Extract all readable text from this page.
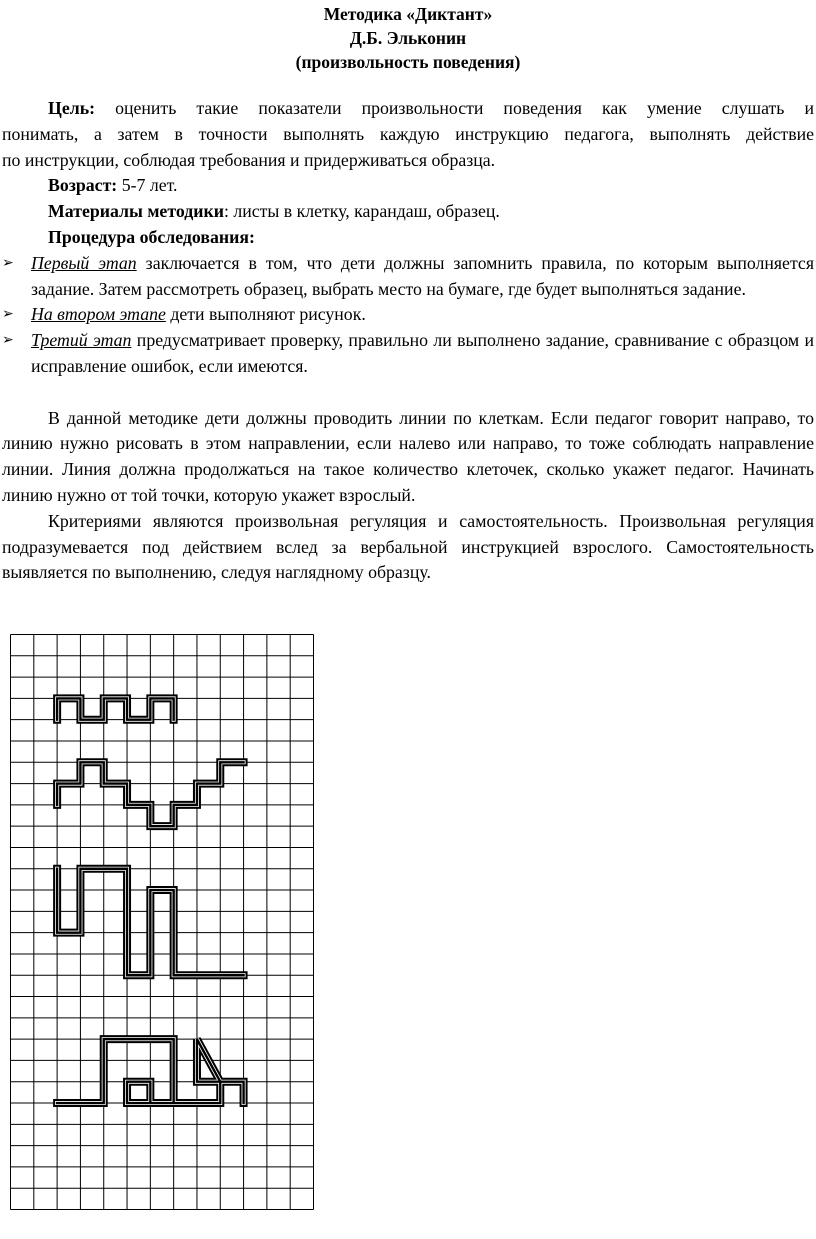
Методика «Диктант»
Д.Б. Эльконин
(произвольность поведения)

Цель: оценить такие показатели произвольности поведения как умение слушать и

понимать, а затем в точности выполнять каждую инструкцию педагога, выполнять действие

по инструкции, соблюдая требования и придерживаться образца.

Возраст: 5-7 лет.

Материалы методики: листы в клетку, карандаш, образец.

Процедура обследования:

➢ Первый этап заключается в том, что дети должны запомнить правила, по которым выполняется задание. Затем рассмотреть образец, выбрать место на бумаге, где будет выполняться задание.
➢ На втором этапе дети выполняют рисунок.
➢ Третий этап предусматривает проверку, правильно ли выполнено задание, сравнивание с образцом и исправление ошибок, если имеются.

В данной методике дети должны проводить линии по клеткам. Если педагог говорит направо, то линию нужно рисовать в этом направлении, если налево или направо, то тоже соблюдать направление линии. Линия должна продолжаться на такое количество клеточек, сколько укажет педагог. Начинать линию нужно от той точки, которую укажет взрослый.

Критериями являются произвольная регуляция и самостоятельность. Произвольная регуляция подразумевается под действием вслед за вербальной инструкцией взрослого. Самостоятельность выявляется по выполнению, следуя наглядному образцу.
